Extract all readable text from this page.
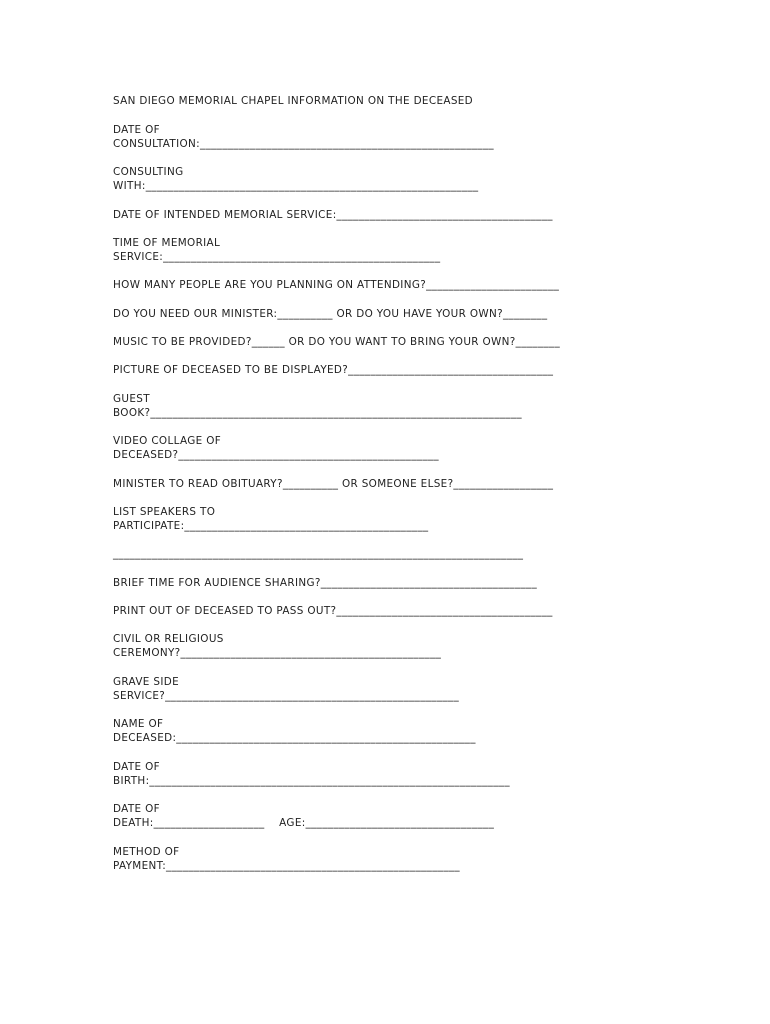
SAN DIEGO MEMORIAL CHAPEL INFORMATION ON THE DECEASED
DATE OF
CONSULTATION:_____________________________________________________
CONSULTING
WITH:____________________________________________________________
DATE OF INTENDED MEMORIAL SERVICE:_______________________________________
TIME OF MEMORIAL
SERVICE:__________________________________________________
HOW MANY PEOPLE ARE YOU PLANNING ON ATTENDING?________________________
DO YOU NEED OUR MINISTER:__________ OR DO YOU HAVE YOUR OWN?________
MUSIC TO BE PROVIDED?______ OR DO YOU WANT TO BRING YOUR OWN?________
PICTURE OF DECEASED TO BE DISPLAYED?_____________________________________
GUEST
BOOK?___________________________________________________________________
VIDEO COLLAGE OF
DECEASED?_______________________________________________
MINISTER TO READ OBITUARY?__________ OR SOMEONE ELSE?__________________
LIST SPEAKERS TO
PARTICIPATE:____________________________________________
__________________________________________________________________________
BRIEF TIME FOR AUDIENCE SHARING?_______________________________________
PRINT OUT OF DECEASED TO PASS OUT?_______________________________________
CIVIL OR RELIGIOUS
CEREMONY?_______________________________________________
GRAVE SIDE
SERVICE?_____________________________________________________
NAME OF
DECEASED:______________________________________________________
DATE OF
BIRTH:_________________________________________________________________
DATE OF
DEATH:____________________    AGE:__________________________________
METHOD OF
PAYMENT:_____________________________________________________
